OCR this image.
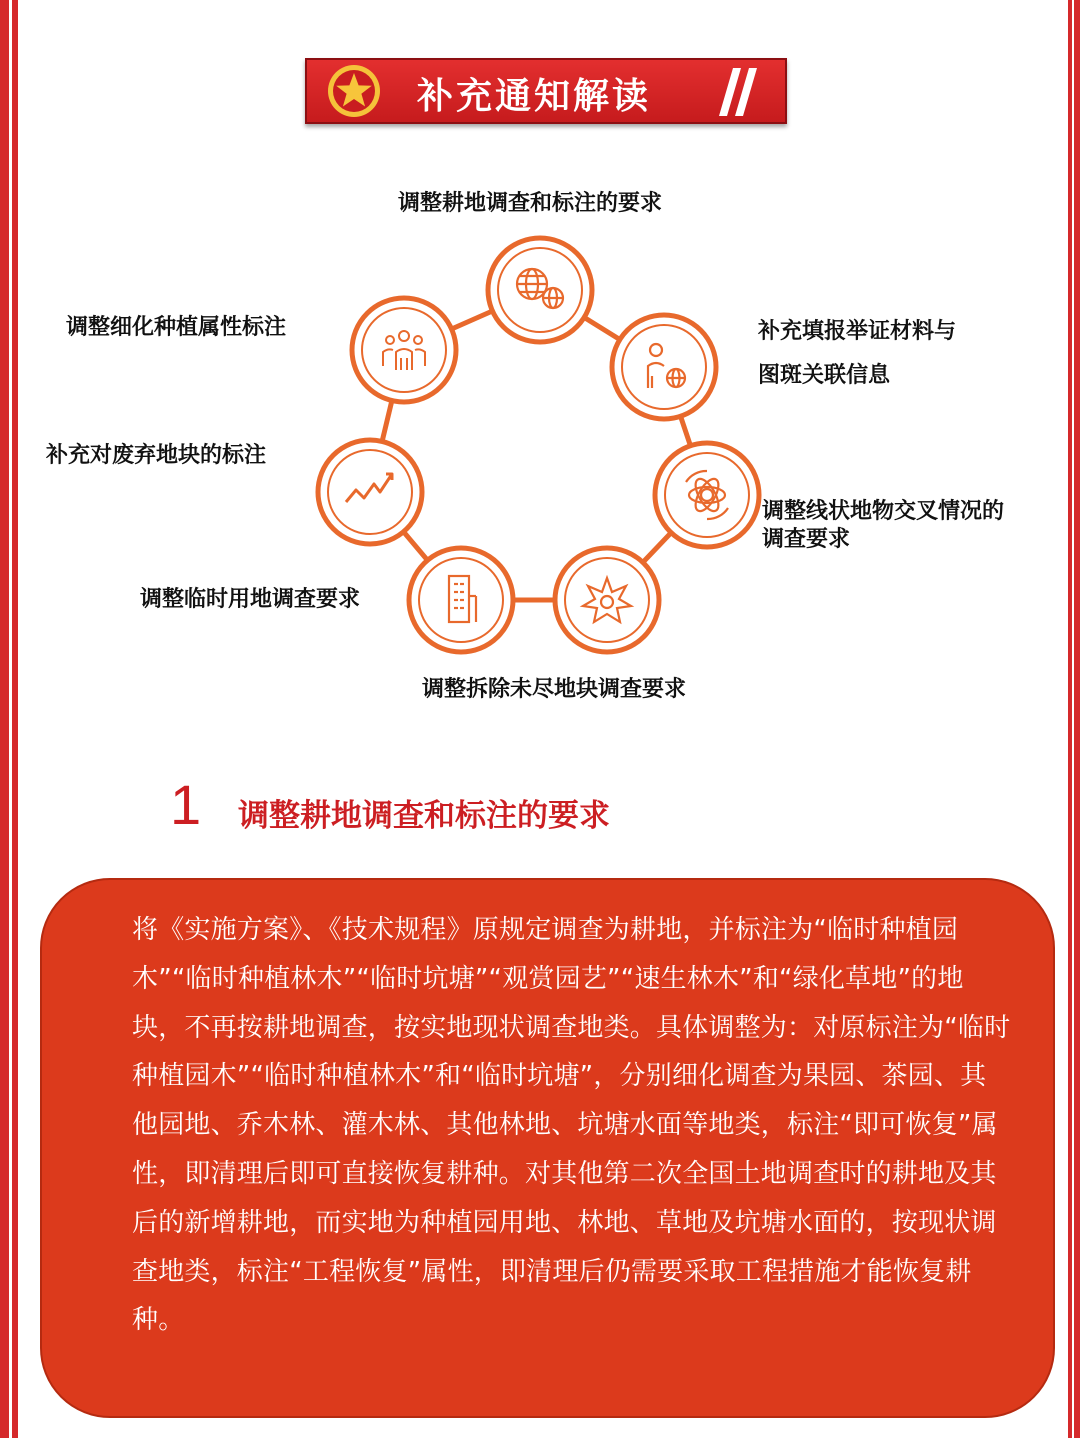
补充通知解读
调整耕地调查和标注的要求
补充填报举证材料与
图斑关联信息
调整线状地物交叉情况的
调查要求
调整拆除未尽地块调查要求
调整临时用地调查要求
补充对废弃地块的标注
调整细化种植属性标注
1 调整耕地调查和标注的要求
将《实施方案》、《技术规程》原规定调查为耕地，并标注为“临时种植园木”“临时种植林木”“临时坑塘”“观赏园艺”“速生林木”和“绿化草地”的地块，不再按耕地调查，按实地现状调查地类。具体调整为：对原标注为“临时种植园木”“临时种植林木”和“临时坑塘”，分别细化调查为果园、茶园、其他园地、乔木林、灌木林、其他林地、坑塘水面等地类，标注“即可恢复”属性，即清理后即可直接恢复耕种。对其他第二次全国土地调查时的耕地及其后的新增耕地，而实地为种植园用地、林地、草地及坑塘水面的，按现状调查地类，标注“工程恢复”属性，即清理后仍需要采取工程措施才能恢复耕种。
